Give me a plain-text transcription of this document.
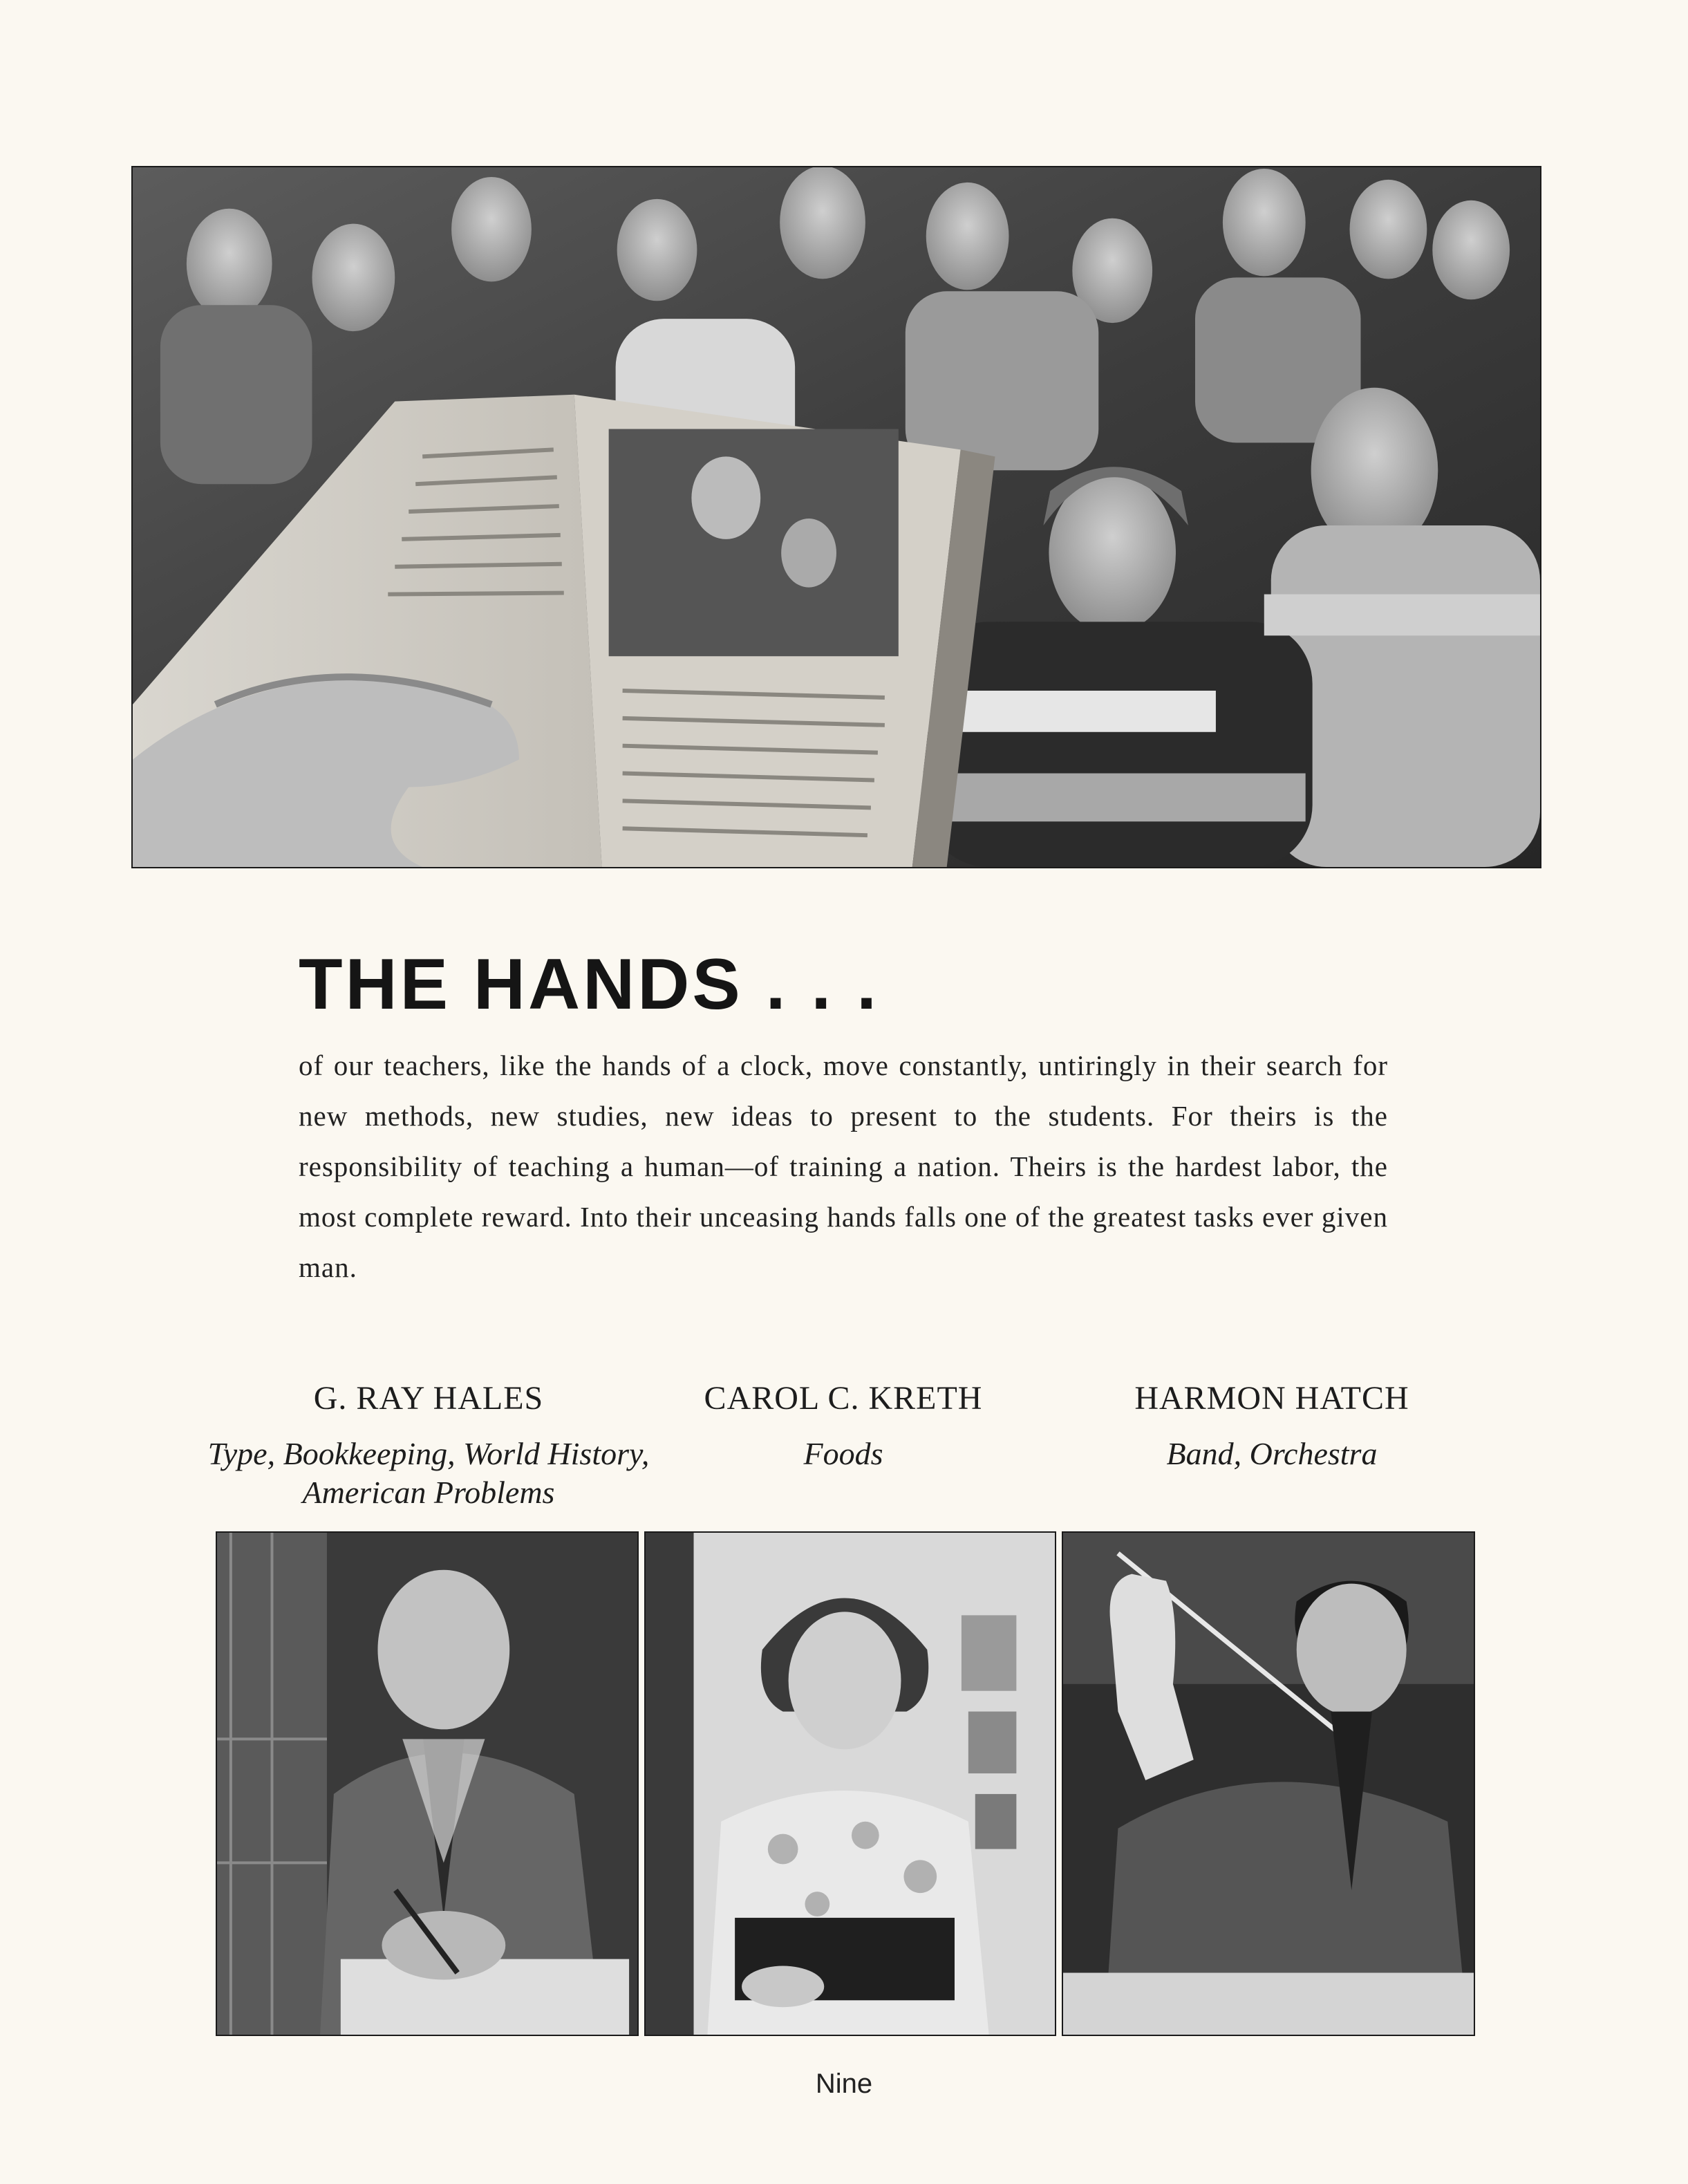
THE HANDS . . .
of our teachers, like the hands of a clock, move constantly, untiringly in their search for new methods, new studies, new ideas to present to the students. For theirs is the responsibility of teaching a human—of training a nation. Theirs is the hardest labor, the most complete reward. Into their unceasing hands falls one of the greatest tasks ever given man.
G. RAY HALES
Type, Bookkeeping, World History, American Problems
CAROL C. KRETH
Foods
HARMON HATCH
Band, Orchestra
Nine
